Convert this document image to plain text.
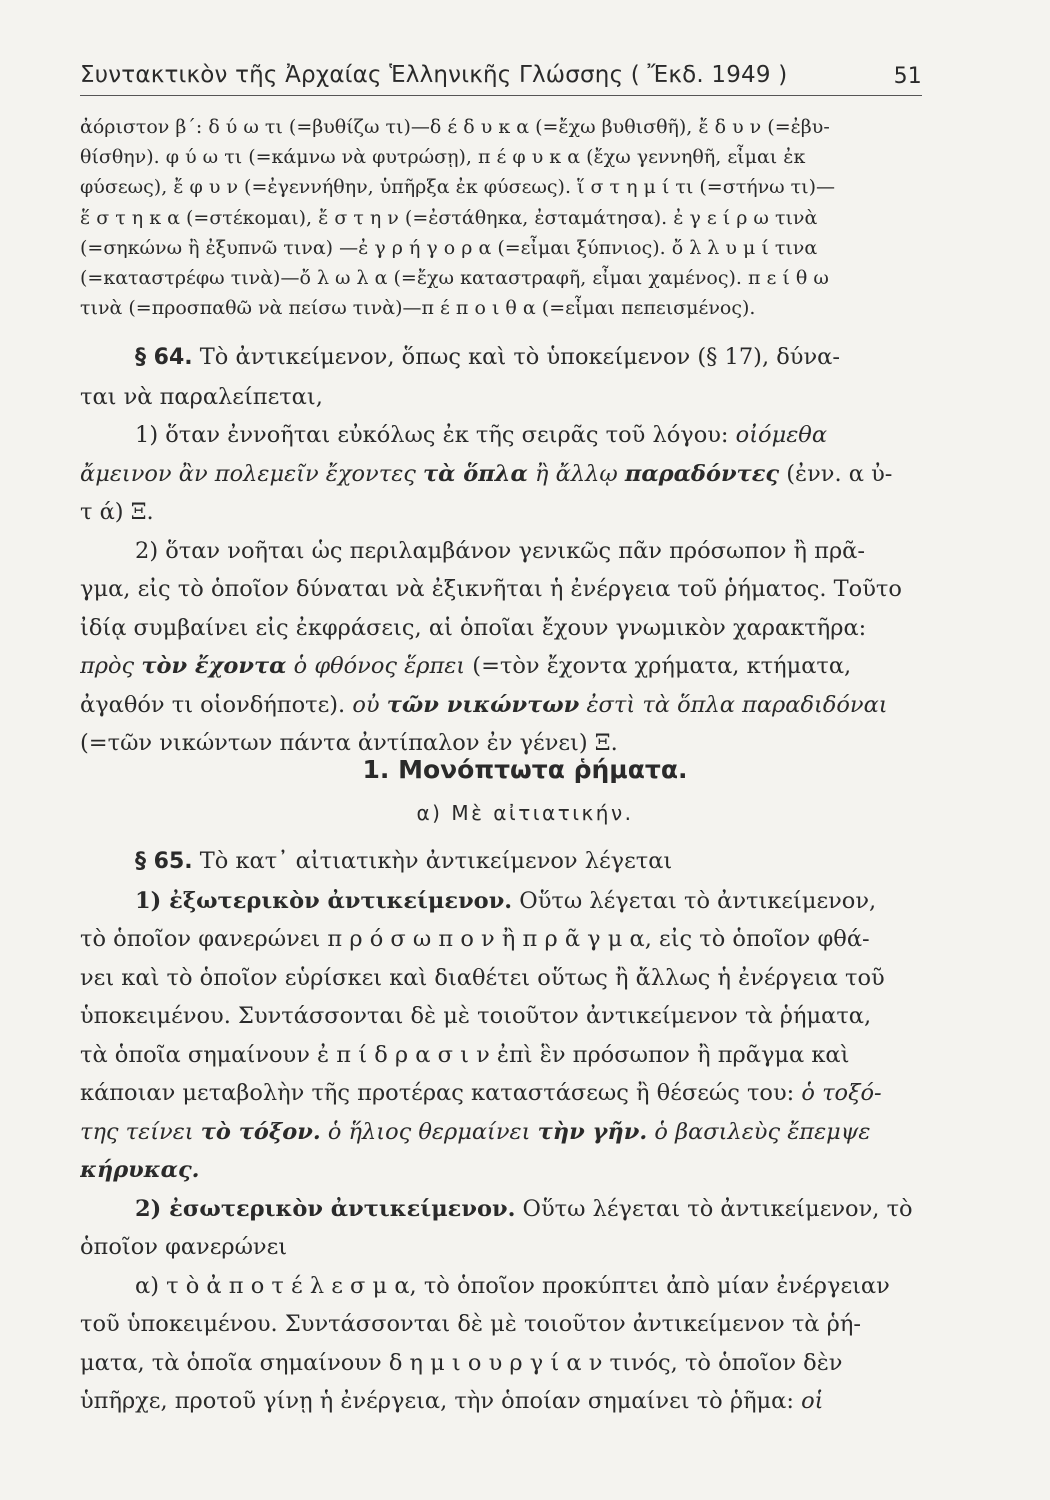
Συντακτικὸν τῆς Ἀρχαίας Ἑλληνικῆς Γλώσσης ( Ἔκδ. 1949 )	51
ἀόριστον β΄: δ ύ ω τι (=βυθίζω τι)—δ έ δ υ κ α (=ἔχω βυθισθῆ), ἔ δ υ ν (=ἐβυ-
θίσθην). φ ύ ω τι (=κάμνω νὰ φυτρώσῃ), π έ φ υ κ α (ἔχω γεννηθῆ, εἶμαι ἐκ
φύσεως), ἔ φ υ ν (=ἐγεννήθην, ὑπῆρξα ἐκ φύσεως). ἵ σ τ η μ ί τι (=στήνω τι)—
ἕ σ τ η κ α (=στέκομαι), ἔ σ τ η ν (=ἐστάθηκα, ἐσταμάτησα). ἐ γ ε ί ρ ω τινὰ
(=σηκώνω ἢ ἐξυπνῶ τινα) —ἐ γ ρ ή γ ο ρ α (=εἶμαι ξύπνιος). ὄ λ λ υ μ ί τινα
(=καταστρέφω τινὰ)—ὄ λ ω λ α (=ἔχω καταστραφῆ, εἶμαι χαμένος). π ε ί θ ω
τινὰ (=προσπαθῶ νὰ πείσω τινὰ)—π έ π ο ι θ α (=εἶμαι πεπεισμένος).
§ 64. Τὸ ἀντικείμενον, ὅπως καὶ τὸ ὑποκείμενον (§ 17), δύνα-
ται νὰ παραλείπεται,
1) ὅταν ἐννοῆται εὐκόλως ἐκ τῆς σειρᾶς τοῦ λόγου: οἰόμεθα
ἄμεινον ἂν πολεμεῖν ἔχοντες τὰ ὅπλα ἢ ἄλλῳ παραδόντες (ἐνν. α ὐ-
τ ά) Ξ.
2) ὅταν νοῆται ὡς περιλαμβάνον γενικῶς πᾶν πρόσωπον ἢ πρᾶ-
γμα, εἰς τὸ ὁποῖον δύναται νὰ ἐξικνῆται ἡ ἐνέργεια τοῦ ῥήματος. Τοῦτο
ἰδίᾳ συμβαίνει εἰς ἐκφράσεις, αἱ ὁποῖαι ἔχουν γνωμικὸν χαρακτῆρα:
πρὸς τὸν ἔχοντα ὁ φθόνος ἕρπει (=τὸν ἔχοντα χρήματα, κτήματα,
ἀγαθόν τι οἱονδήποτε). οὐ τῶν νικώντων ἐστὶ τὰ ὅπλα παραδιδόναι
(=τῶν νικώντων πάντα ἀντίπαλον ἐν γένει) Ξ.
1. Μονόπτωτα ῥήματα.
α) Μὲ αἰτιατικήν.
§ 65. Τὸ κατ᾽ αἰτιατικὴν ἀντικείμενον λέγεται
1) ἐξωτερικὸν ἀντικείμενον. Οὕτω λέγεται τὸ ἀντικείμενον,
τὸ ὁποῖον φανερώνει π ρ ό σ ω π ο ν ἢ π ρ ᾶ γ μ α, εἰς τὸ ὁποῖον φθά-
νει καὶ τὸ ὁποῖον εὑρίσκει καὶ διαθέτει οὕτως ἢ ἄλλως ἡ ἐνέργεια τοῦ
ὑποκειμένου. Συντάσσονται δὲ μὲ τοιοῦτον ἀντικείμενον τὰ ῥήματα,
τὰ ὁποῖα σημαίνουν ἐ π ί δ ρ α σ ι ν ἐπὶ ἓν πρόσωπον ἢ πρᾶγμα καὶ
κάποιαν μεταβολὴν τῆς προτέρας καταστάσεως ἢ θέσεώς του: ὁ τοξό-
της τείνει τὸ τόξον. ὁ ἥλιος θερμαίνει τὴν γῆν. ὁ βασιλεὺς ἔπεμψε
κήρυκας.
2) ἐσωτερικὸν ἀντικείμενον. Οὕτω λέγεται τὸ ἀντικείμενον, τὸ
ὁποῖον φανερώνει
α) τ ὸ ἀ π ο τ έ λ ε σ μ α, τὸ ὁποῖον προκύπτει ἀπὸ μίαν ἐνέργειαν
τοῦ ὑποκειμένου. Συντάσσονται δὲ μὲ τοιοῦτον ἀντικείμενον τὰ ῥή-
ματα, τὰ ὁποῖα σημαίνουν δ η μ ι ο υ ρ γ ί α ν τινός, τὸ ὁποῖον δὲν
ὑπῆρχε, προτοῦ γίνῃ ἡ ἐνέργεια, τὴν ὁποίαν σημαίνει τὸ ῥῆμα: οἱ
